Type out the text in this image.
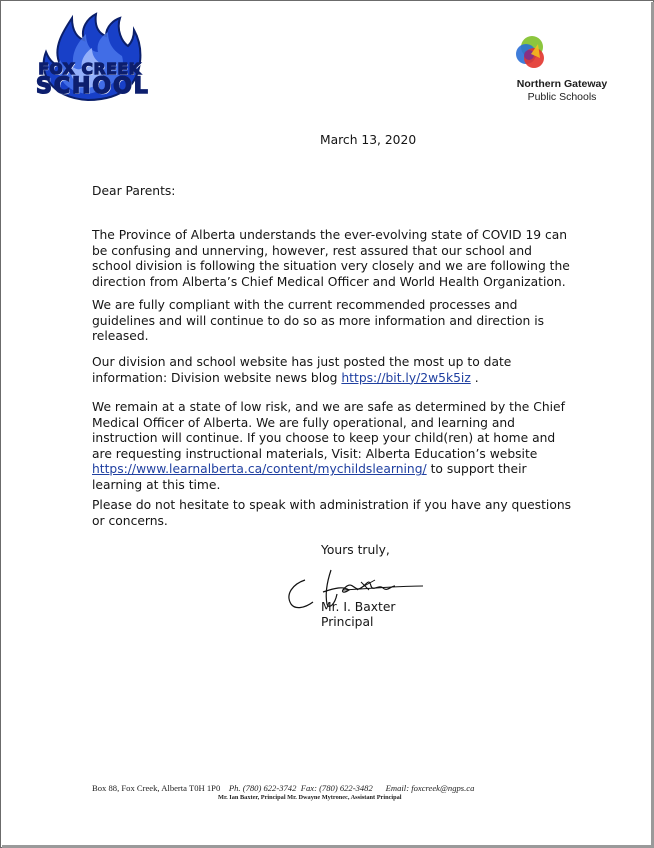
FOX CREEK
SCHOOL	Northern Gateway
Public Schools
March 13, 2020
Dear Parents:
The Province of Alberta understands the ever-evolving state of COVID 19 can
be confusing and unnerving, however, rest assured that our school and
school division is following the situation very closely and we are following the
direction from Alberta’s Chief Medical Officer and World Health Organization.
We are fully compliant with the current recommended processes and
guidelines and will continue to do so as more information and direction is
released.
Our division and school website has just posted the most up to date
information: Division website news blog https://bit.ly/2w5k5iz .
We remain at a state of low risk, and we are safe as determined by the Chief
Medical Officer of Alberta. We are fully operational, and learning and
instruction will continue. If you choose to keep your child(ren) at home and
are requesting instructional materials, Visit: Alberta Education’s website
https://www.learnalberta.ca/content/mychildslearning/ to support their
learning at this time.
Please do not hesitate to speak with administration if you have any questions
or concerns.
Yours truly,
Mr. I. Baxter
Principal
Box 88, Fox Creek, Alberta T0H 1P0 Ph. (780) 622-3742 Fax: (780) 622-3482 Email: foxcreek@ngps.ca
Mr. Ian Baxter, Principal Mr. Dwayne Mytronec, Assistant Principal
